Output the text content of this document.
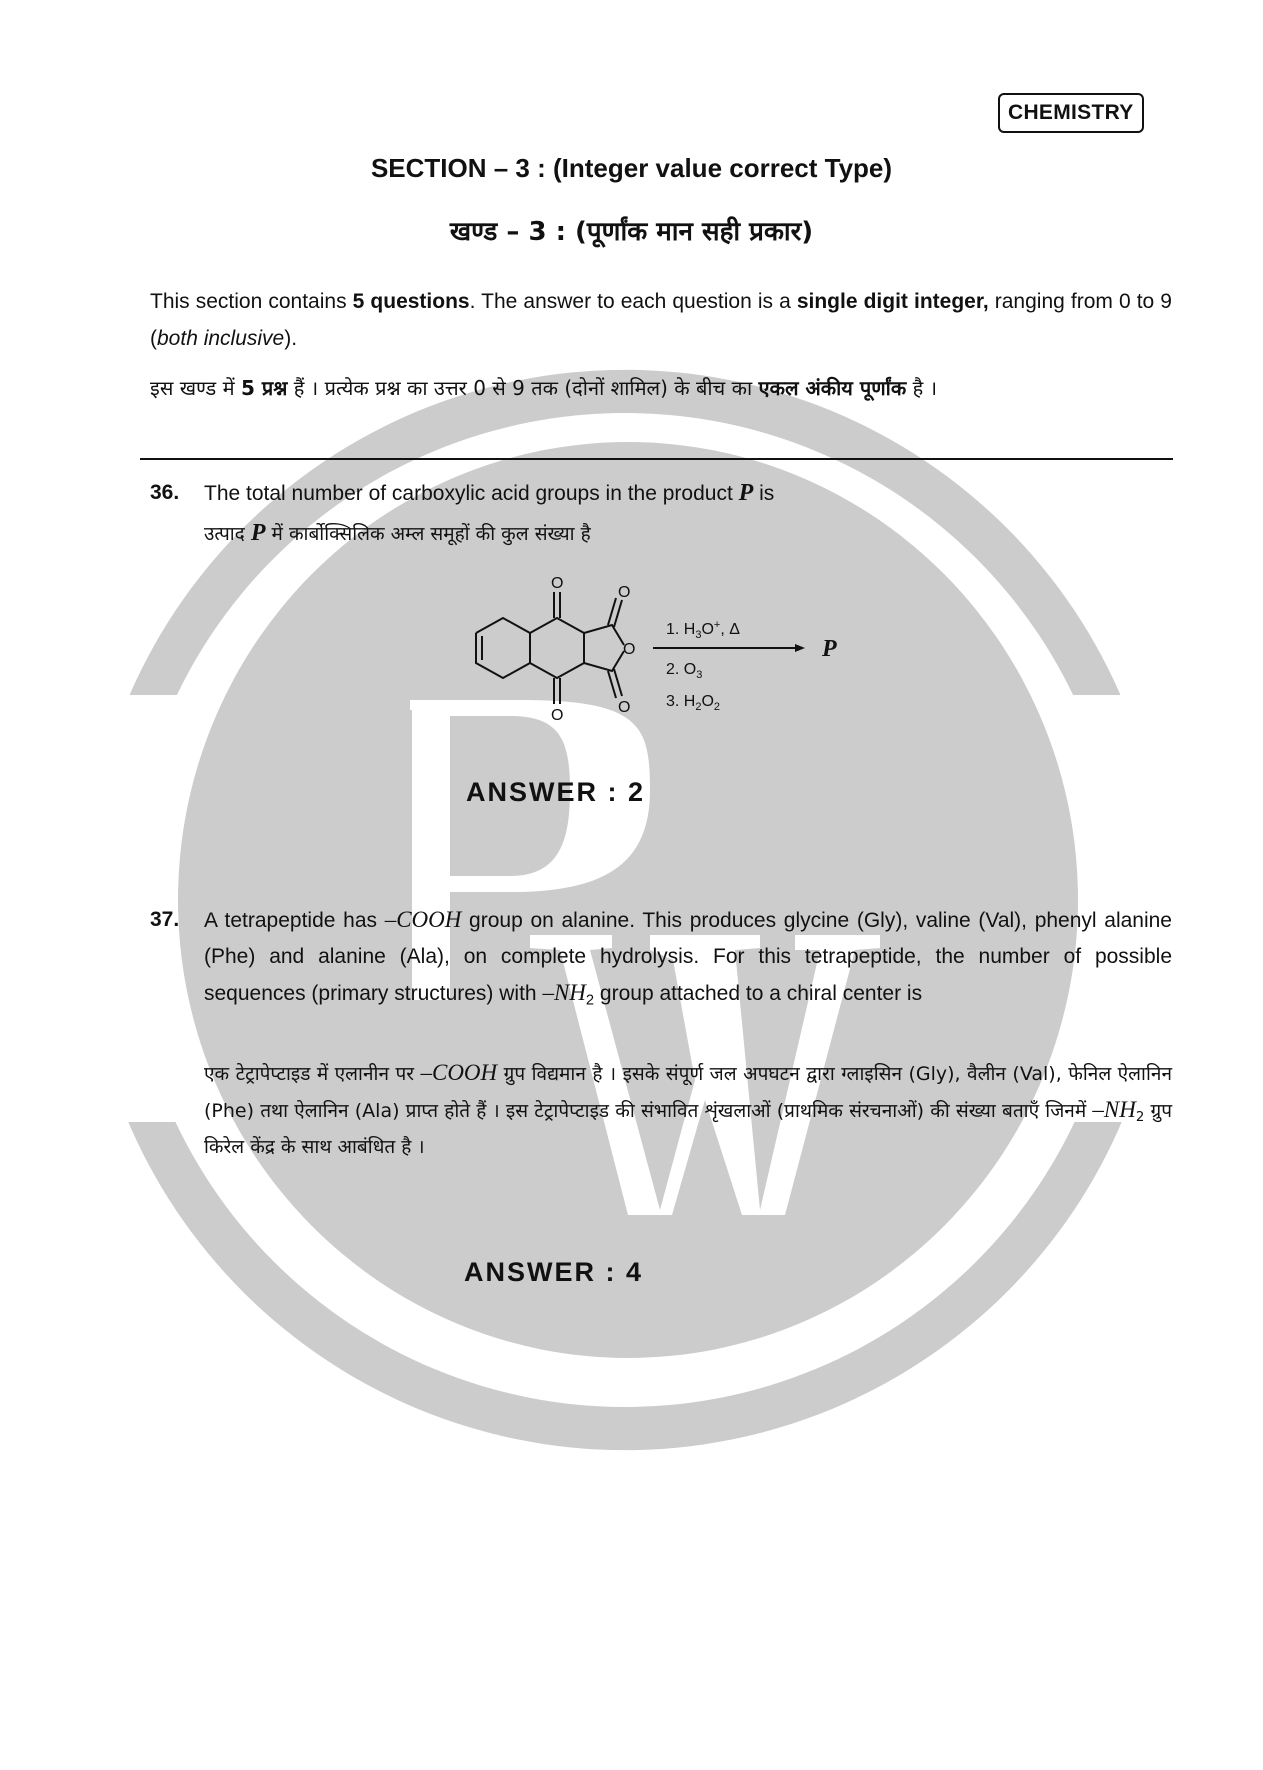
CHEMISTRY
SECTION – 3 : (Integer value correct Type)
खण्ड – 3 : (पूर्णांक मान सही प्रकार)
This section contains 5 questions. The answer to each question is a single digit integer, ranging from 0 to 9 (both inclusive).
इस खण्ड में 5 प्रश्न हैं । प्रत्येक प्रश्न का उत्तर 0 से 9 तक (दोनों शामिल) के बीच का एकल अंकीय पूर्णांक है ।
36. The total number of carboxylic acid groups in the product P is
उत्पाद P में कार्बोक्सिलिक अम्ल समूहों की कुल संख्या है
O
O
O
O
O
1. $H_3O^+$, Δ
2. $O_3$
3. $H_2O_2$
P
ANSWER : 2
37. A tetrapeptide has –COOH group on alanine. This produces glycine (Gly), valine (Val), phenyl alanine (Phe) and alanine (Ala), on complete hydrolysis. For this tetrapeptide, the number of possible sequences (primary structures) with $-NH_2$ group attached to a chiral center is
एक टेट्रापेप्टाइड में एलानीन पर –COOH ग्रुप विद्यमान है । इसके संपूर्ण जल अपघटन द्वारा ग्लाइसिन (Gly), वैलीन (Val), फेनिल ऐलानिन (Phe) तथा ऐलानिन (Ala) प्राप्त होते हैं । इस टेट्रापेप्टाइड की संभावित शृंखलाओं (प्राथमिक संरचनाओं) की संख्या बताएँ जिनमें $-NH_2$ ग्रुप किरेल केंद्र के साथ आबंधित है ।
ANSWER : 4
